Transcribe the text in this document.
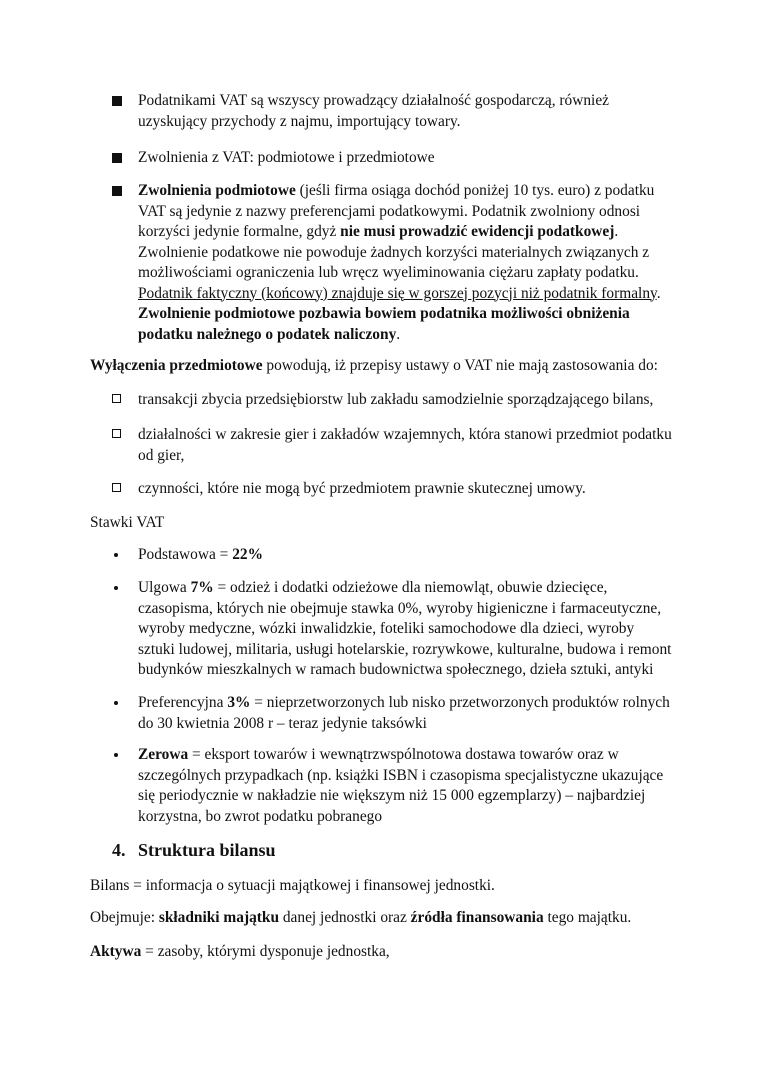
Podatnikami VAT są wszyscy prowadzący działalność gospodarczą, również uzyskujący przychody z najmu, importujący towary.
Zwolnienia z VAT: podmiotowe i przedmiotowe
Zwolnienia podmiotowe (jeśli firma osiąga dochód poniżej 10 tys. euro) z podatku VAT są jedynie z nazwy preferencjami podatkowymi. Podatnik zwolniony odnosi korzyści jedynie formalne, gdyż nie musi prowadzić ewidencji podatkowej. Zwolnienie podatkowe nie powoduje żadnych korzyści materialnych związanych z możliwościami ograniczenia lub wręcz wyeliminowania ciężaru zapłaty podatku. Podatnik faktyczny (końcowy) znajduje się w gorszej pozycji niż podatnik formalny. Zwolnienie podmiotowe pozbawia bowiem podatnika możliwości obniżenia podatku należnego o podatek naliczony.
Wyłączenia przedmiotowe powodują, iż przepisy ustawy o VAT nie mają zastosowania do:
transakcji zbycia przedsiębiorstw lub zakładu samodzielnie sporządzającego bilans,
działalności w zakresie gier i zakładów wzajemnych, która stanowi przedmiot podatku od gier,
czynności, które nie mogą być przedmiotem prawnie skutecznej umowy.
Stawki VAT
Podstawowa = 22%
Ulgowa 7% = odzież i dodatki odzieżowe dla niemowląt, obuwie dziecięce, czasopisma, których nie obejmuje stawka 0%, wyroby higieniczne i farmaceutyczne, wyroby medyczne, wózki inwalidzkie, foteliki samochodowe dla dzieci, wyroby sztuki ludowej, militaria, usługi hotelarskie, rozrywkowe, kulturalne, budowa i remont budynków mieszkalnych w ramach budownictwa społecznego, dzieła sztuki, antyki
Preferencyjna 3% = nieprzetworzonych lub nisko przetworzonych produktów rolnych do 30 kwietnia 2008 r – teraz jedynie taksówki
Zerowa = eksport towarów i wewnątrzwspólnotowa dostawa towarów oraz w szczególnych przypadkach (np. książki ISBN i czasopisma specjalistyczne ukazujące się periodycznie w nakładzie nie większym niż 15 000 egzemplarzy) – najbardziej korzystna, bo zwrot podatku pobranego
4. Struktura bilansu
Bilans = informacja o sytuacji majątkowej i finansowej jednostki.
Obejmuje: składniki majątku danej jednostki oraz źródła finansowania tego majątku.
Aktywa = zasoby, którymi dysponuje jednostka,
